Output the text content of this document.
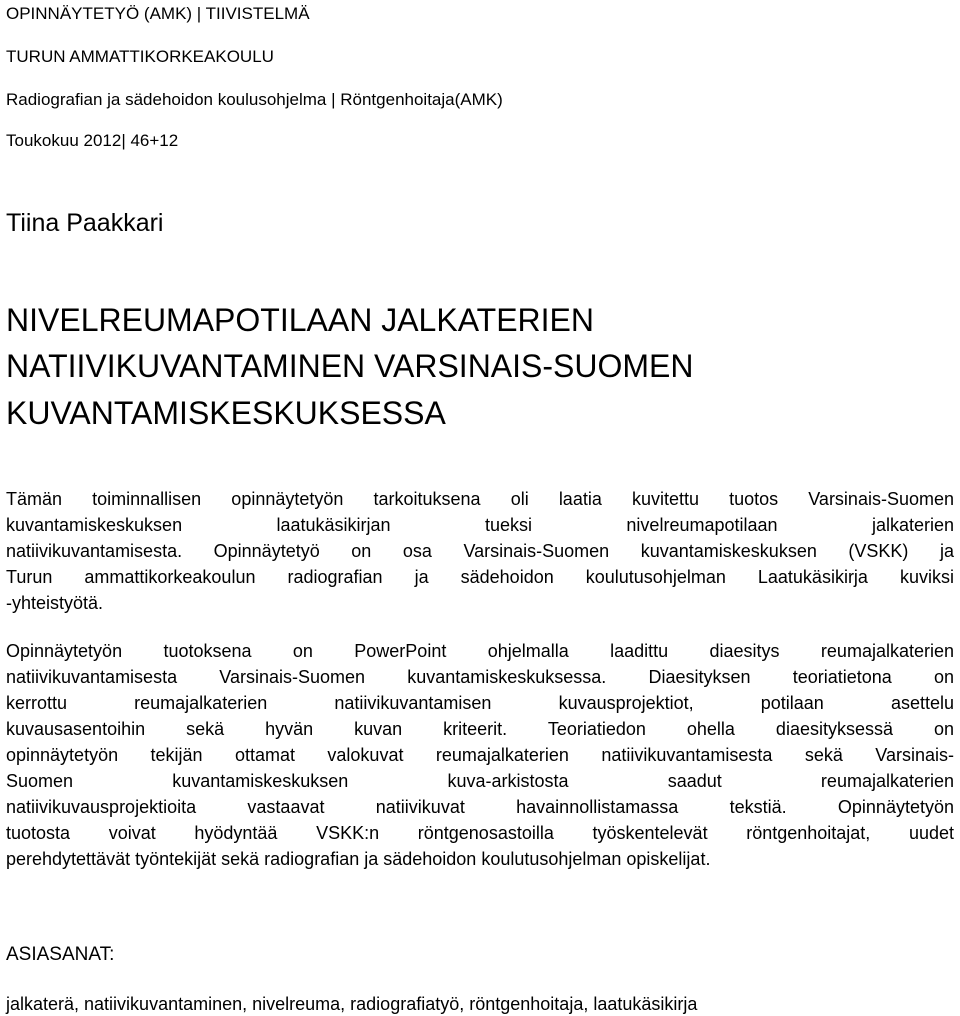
OPINNÄYTETYÖ (AMK) | TIIVISTELMÄ

TURUN AMMATTIKORKEAKOULU

Radiografian ja sädehoidon koulusohjelma | Röntgenhoitaja(AMK)

Toukokuu 2012| 46+12

Tiina Paakkari

NIVELREUMAPOTILAAN JALKATERIEN

NATIIVIKUVANTAMINEN VARSINAIS-SUOMEN

KUVANTAMISKESKUKSESSA

Tämän toiminnallisen opinnäytetyön tarkoituksena oli laatia kuvitettu tuotos Varsinais-Suomen
kuvantamiskeskuksen laatukäsikirjan tueksi nivelreumapotilaan jalkaterien
natiivikuvantamisesta. Opinnäytetyö on osa Varsinais-Suomen kuvantamiskeskuksen (VSKK) ja
Turun ammattikorkeakoulun radiografian ja sädehoidon koulutusohjelman Laatukäsikirja kuviksi
-yhteistyötä.
Opinnäytetyön tuotoksena on PowerPoint ohjelmalla laadittu diaesitys reumajalkaterien
natiivikuvantamisesta Varsinais-Suomen kuvantamiskeskuksessa. Diaesityksen teoriatietona on
kerrottu reumajalkaterien natiivikuvantamisen kuvausprojektiot, potilaan asettelu
kuvausasentoihin sekä hyvän kuvan kriteerit. Teoriatiedon ohella diaesityksessä on
opinnäytetyön tekijän ottamat valokuvat reumajalkaterien natiivikuvantamisesta sekä Varsinais-
Suomen kuvantamiskeskuksen kuva-arkistosta saadut reumajalkaterien
natiivikuvausprojektioita vastaavat natiivikuvat havainnollistamassa tekstiä. Opinnäytetyön
tuotosta voivat hyödyntää VSKK:n röntgenosastoilla työskentelevät röntgenhoitajat, uudet
perehdytettävät työntekijät sekä radiografian ja sädehoidon koulutusohjelman opiskelijat.

ASIASANAT:

jalkaterä, natiivikuvantaminen, nivelreuma, radiografiatyö, röntgenhoitaja, laatukäsikirja
